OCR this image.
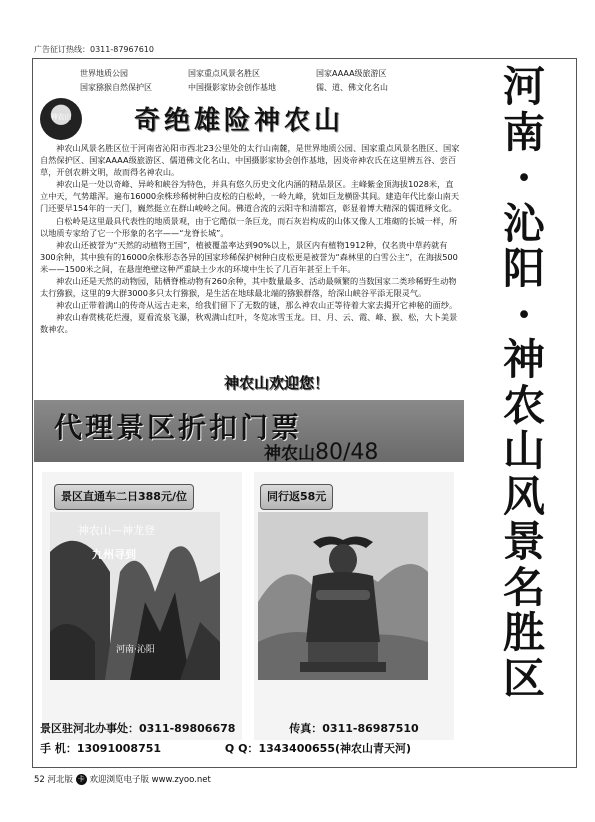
广告征订热线：0311-87967610
世界地质公园	国家重点风景名胜区	国家AAAA级旅游区
国家猕猴自然保护区	中国摄影家协会创作基地	儒、道、佛文化名山
神农山	奇绝雄险神农山

神农山风景名胜区位于河南省沁阳市西北23公里处的太行山南麓，是世界地质公园、国家重点风景名胜区、国家自然保护区、国家AAAA级旅游区、儒道佛文化名山、中国摄影家协会创作基地，因炎帝神农氏在这里辨五谷、尝百草，开创农耕文明，故而得名神农山。

神农山是一处以奇峰、异岭和峡谷为特色，并具有悠久历史文化内涵的精品景区。主峰紫金顶海拔1028米，直立中天，气势雄浑。遍布16000余株珍稀树种白皮松的白松岭，一岭九峰，犹如巨龙横卧其间。建造年代比泰山南天门还要早154年的一天门，巍然挺立在群山峻岭之间。佛道合流的云阳寺和清都宫，彰显着博大精深的儒道释文化。

白松岭是这里最具代表性的地质景观，由于它酷似一条巨龙，而石灰岩构成的山体又像人工堆砌的长城一样，所以地质专家给了它一个形象的名字——“龙脊长城”。

神农山还被誉为“天然的动植物王国”，植被覆盖率达到90%以上，景区内有植物1912种，仅名贵中草药就有300余种，其中独有的16000余株形态各异的国家珍稀保护树种白皮松更是被誉为“森林里的白雪公主”，在海拔500米——1500米之间，在悬崖绝壁这种严重缺土少水的环境中生长了几百年甚至上千年。

神农山还是天然的动物园，陆栖脊椎动物有260余种，其中数量最多、活动最频繁的当数国家二类珍稀野生动物太行猕猴，这里的9大群3000多只太行猕猴，是生活在地球最北端的猕猴群落，给深山峡谷平添无限灵气。

神农山正带着满山的传奇从远古走来，给我们留下了无数的谜，那么神农山正等待着大家去揭开它神秘的面纱。

神农山春赏桃花烂漫，夏看流泉飞瀑，秋观满山红叶，冬览冰雪玉龙。日、月、云、霞、峰、猴、松，大卜美景数神农。

神农山欢迎您！
代理景区折扣门票
神农山80/48
景区直通车二日388元/位
神农山—神龙登
九州寻到
河南·沁阳
同行返58元
景区驻河北办事处：0311-89806678	传真：0311-86987510
手 机：13091008751	Q Q：1343400655(神农山青天河)
河
南
·
沁
阳
·
神
农
山
风
景
名
胜
区
52 河北版 卡 欢迎浏览电子版 www.zyoo.net
